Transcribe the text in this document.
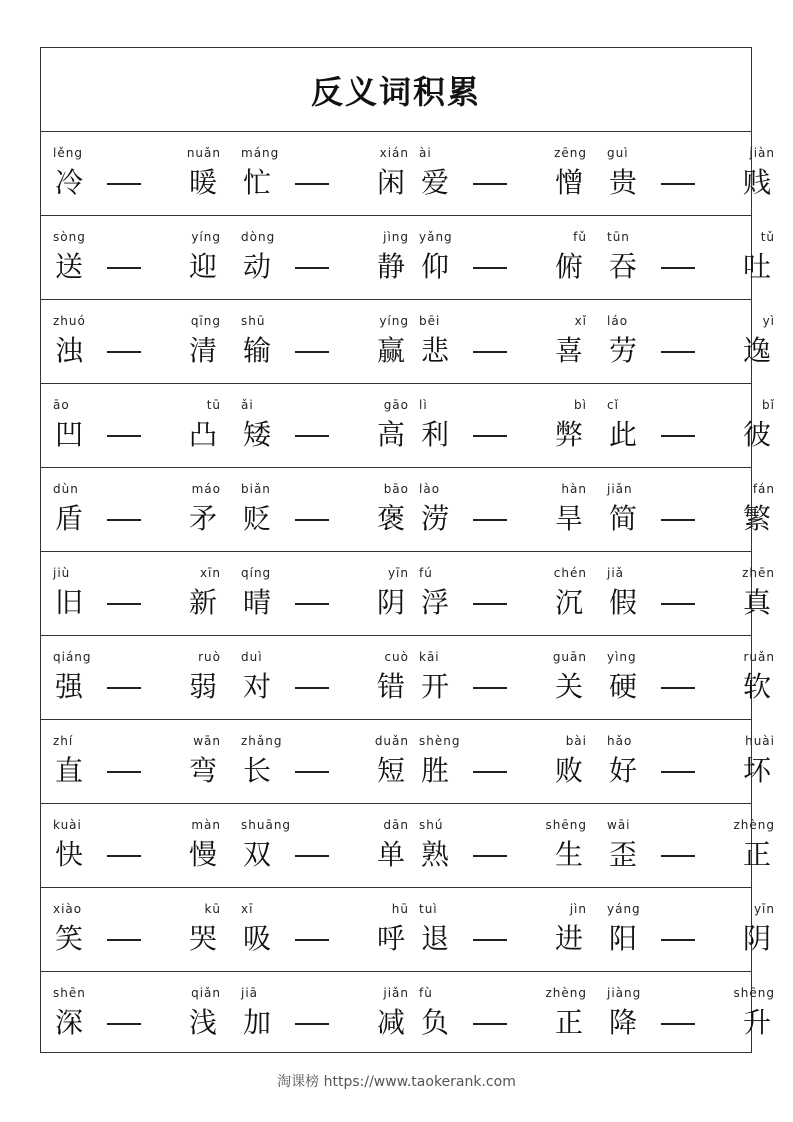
反义词积累
lěng
冷
nuǎn
暖
máng
忙
xián
闲
ài
爱
zēng
憎
guì
贵
jiàn
贱
sòng
送
yíng
迎
dòng
动
jìng
静
yǎng
仰
fǔ
俯
tūn
吞
tǔ
吐
zhuó
浊
qīng
清
shū
输
yíng
赢
bēi
悲
xǐ
喜
láo
劳
yì
逸
āo
凹
tū
凸
ǎi
矮
gāo
高
lì
利
bì
弊
cǐ
此
bǐ
彼
dùn
盾
máo
矛
biǎn
贬
bāo
褒
lào
涝
hàn
旱
jiǎn
简
fán
繁
jiù
旧
xīn
新
qíng
晴
yīn
阴
fú
浮
chén
沉
jiǎ
假
zhēn
真
qiáng
强
ruò
弱
duì
对
cuò
错
kāi
开
guān
关
yìng
硬
ruǎn
软
zhí
直
wān
弯
zhǎng
长
duǎn
短
shèng
胜
bài
败
hǎo
好
huài
坏
kuài
快
màn
慢
shuāng
双
dān
单
shú
熟
shēng
生
wāi
歪
zhèng
正
xiào
笑
kū
哭
xī
吸
hū
呼
tuì
退
jìn
进
yáng
阳
yīn
阴
shēn
深
qiǎn
浅
jiā
加
jiǎn
减
fù
负
zhèng
正
jiàng
降
shēng
升
淘课榜 https://www.taokerank.com
